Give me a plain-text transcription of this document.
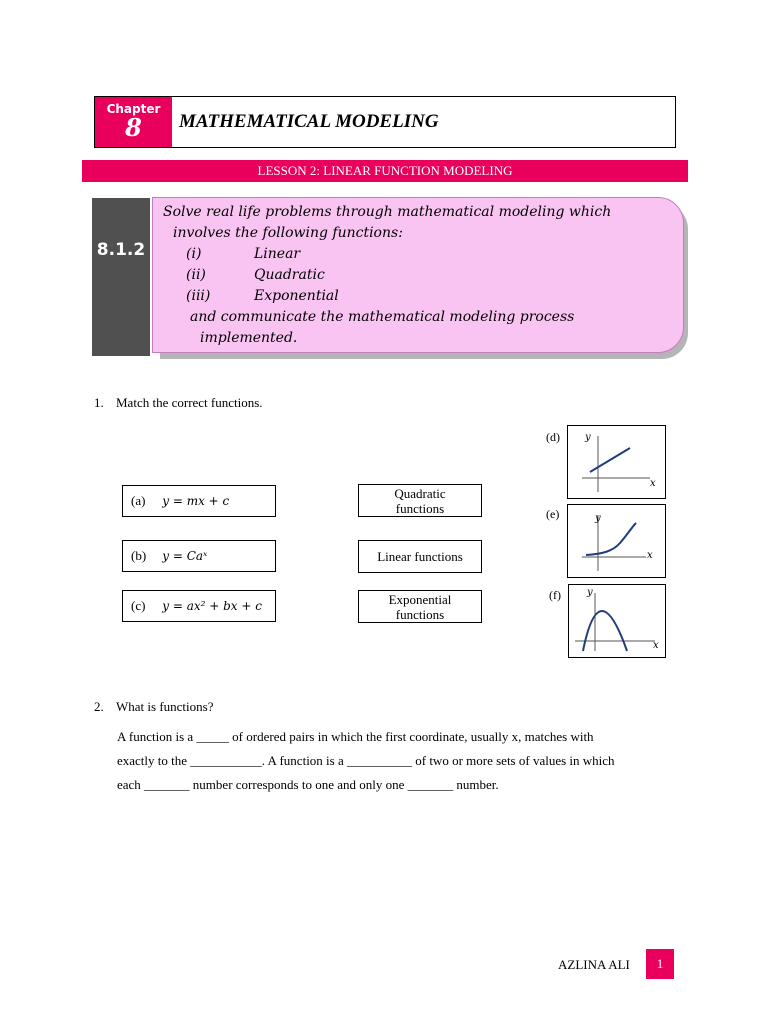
Chapter
8	MATHEMATICAL MODELING
LESSON 2: LINEAR FUNCTION MODELING
8.1.2
Solve real life problems through mathematical modeling which
involves the following functions:
(i)	Linear
(ii)	Quadratic
(iii)	Exponential
and communicate the mathematical modeling process
implemented.
1. Match the correct functions.
(a) y = mx + c
(b) y = Caˣ
(c) y = ax² + bx + c
Quadratic
functions
Linear functions
Exponential
functions
(d)	y
x
(e)	y
x
(f)	y
x
2. What is functions?
A function is a _____ of ordered pairs in which the first coordinate, usually x, matches with
exactly to the ___________. A function is a __________ of two or more sets of values in which
each _______ number corresponds to one and only one _______ number.
AZLINA ALI	1
